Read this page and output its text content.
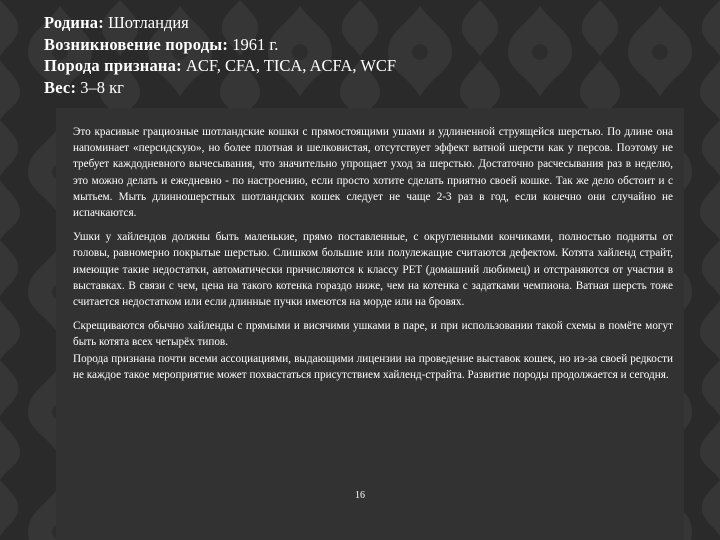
Родина: Шотландия
Возникновение породы: 1961 г.
Порода признана: ACF, CFA, TICA, ACFA, WCF
Вес: 3–8 кг

Это красивые грациозные шотландские кошки с прямостоящими ушами и удлиненной струящейся шерстью. По длине она напоминает «персидскую», но более плотная и шелковистая, отсутствует эффект ватной шерсти как у персов. Поэтому не требует каждодневного вычесывания, что значительно упрощает уход за шерстью. Достаточно расчесывания раз в неделю, это можно делать и ежедневно - по настроению, если просто хотите сделать приятно своей кошке. Так же дело обстоит и с мытьем. Мыть длинношерстных шотландских кошек следует не чаще 2-3 раз в год, если конечно они случайно не испачкаются.

Ушки у хайлендов должны быть маленькие, прямо поставленные, с округленными кончиками, полностью подняты от головы, равномерно покрытые шерстью. Слишком большие или полулежащие считаются дефектом. Котята хайленд страйт, имеющие такие недостатки, автоматически причисляются к классу PET (домашний любимец) и отстраняются от участия в выставках. В связи с чем, цена на такого котенка гораздо ниже, чем на котенка с задатками чемпиона. Ватная шерсть тоже считается недостатком или если длинные пучки имеются на морде или на бровях.

Скрещиваются обычно хайленды с прямыми и висячими ушками в паре, и при использовании такой схемы в помёте могут быть котята всех четырёх типов.

Порода признана почти всеми ассоциациями, выдающими лицензии на проведение выставок кошек, но из-за своей редкости не каждое такое мероприятие может похвастаться присутствием хайленд-страйта. Развитие породы продолжается и сегодня.

16
